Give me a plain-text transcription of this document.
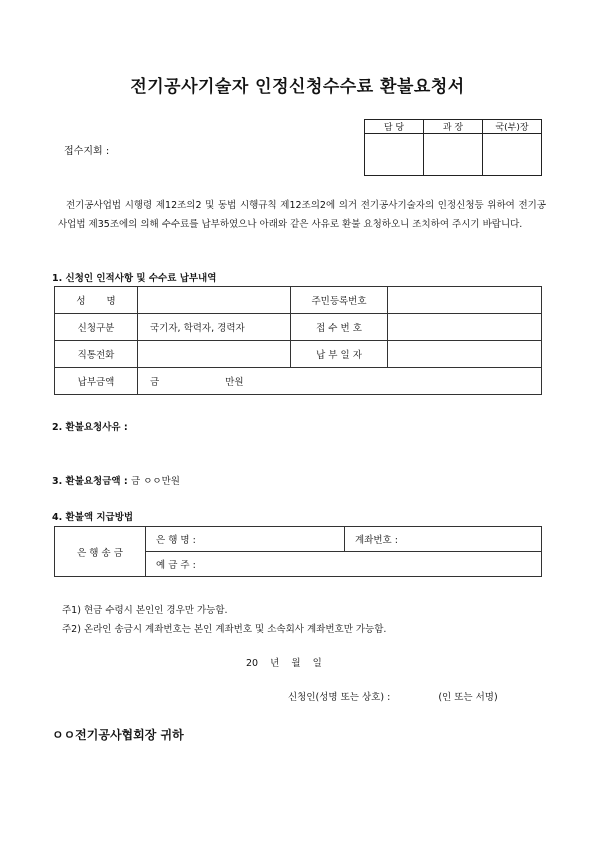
전기공사기술자 인정신청수수료 환불요청서
접수지회 :
담 당	과 장	국(부)장

전기공사업법 시행령 제12조의2 및 동법 시행규칙 제12조의2에 의거 전기공사기술자의 인정신청등 위하여 전기공사업법 제35조에의 의해 수수료를 납부하였으나 아래와 같은 사유로 환불 요청하오니 조치하여 주시기 바랍니다.
1. 신청인 인적사항 및 수수료 납부내역
성 명		주민등록번호	
신청구분	국기자, 학력자, 경력자	접 수 번 호	
직통전화		납 부 일 자	
납부금액	금 만원		
2. 환불요청사유 :
3. 환불요청금액 : 금 ㅇㅇ만원
4. 환불액 지급방법
은 행 송 금	은 행 명 :	계좌번호 :
예 금 주 :
주1) 현금 수령시 본인인 경우만 가능함.
주2) 온라인 송금시 계좌번호는 본인 계좌번호 및 소속회사 계좌번호만 가능함.
20    년    월    일
신청인(성명 또는 상호) :	(인 또는 서명)
ㅇㅇ전기공사협회장 귀하
